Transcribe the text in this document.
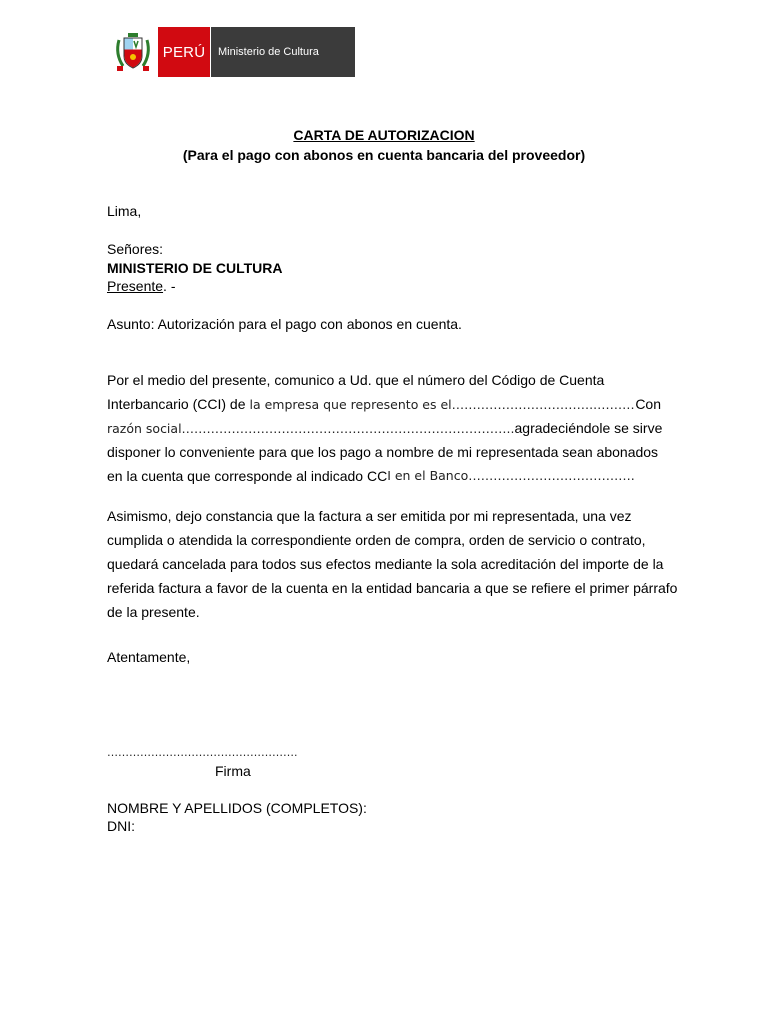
PERÚ	Ministerio de Cultura
CARTA DE AUTORIZACION
(Para el pago con abonos en cuenta bancaria del proveedor)
Lima,
Señores:
MINISTERIO DE CULTURA
Presente. -
Asunto: Autorización para el pago con abonos en cuenta.
Por el medio del presente, comunico a Ud. que el número del Código de Cuenta
Interbancario (CCI) de la empresa que represento es el……………………………..……… Con
razón social…………………………………………………………………….. agradeciéndole se sirve
disponer lo conveniente para que los pago a nombre de mi representada sean abonados
en la cuenta que corresponde al indicado CC I en el Banco ………………………………….
Asimismo, dejo constancia que la factura a ser emitida por mi representada, una vez
cumplida o atendida la correspondiente orden de compra, orden de servicio o contrato,
quedará cancelada para todos sus efectos mediante la sola acreditación del importe de la
referida factura a favor de la cuenta en la entidad bancaria a que se refiere el primer párrafo
de la presente.
Atentamente,
…………………………………………….
Firma
NOMBRE Y APELLIDOS (COMPLETOS):
DNI:
